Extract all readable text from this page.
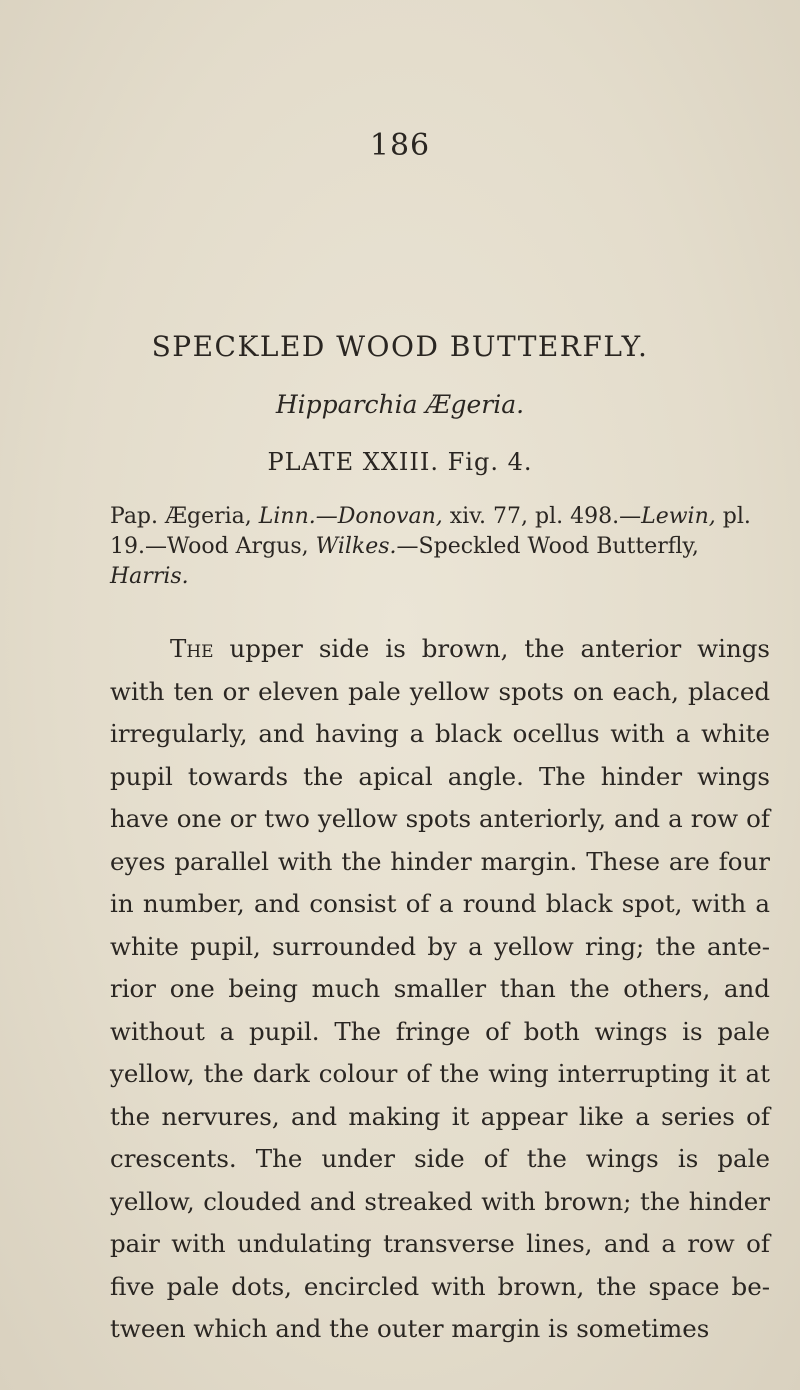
186
SPECKLED WOOD BUTTERFLY.
Hipparchia Ægeria.
PLATE XXIII. Fig. 4.
Pap. Ægeria, Linn.—Donovan, xiv. 77, pl. 498.—Lewin, pl. 19.—Wood Argus, Wilkes.—Speckled Wood Butterfly, Harris.
The upper side is brown, the anterior wings with ten or eleven pale yellow spots on each, placed irregularly, and having a black ocellus with a white pupil towards the apical angle. The hinder wings have one or two yellow spots anteriorly, and a row of eyes parallel with the hinder margin. These are four in number, and consist of a round black spot, with a white pupil, surrounded by a yellow ring; the anterior one being much smaller than the others, and without a pupil. The fringe of both wings is pale yellow, the dark colour of the wing interrupting it at the nervures, and making it appear like a series of crescents. The under side of the wings is pale yellow, clouded and streaked with brown; the hinder pair with undulating transverse lines, and a row of five pale dots, encircled with brown, the space between which and the outer margin is sometimes
